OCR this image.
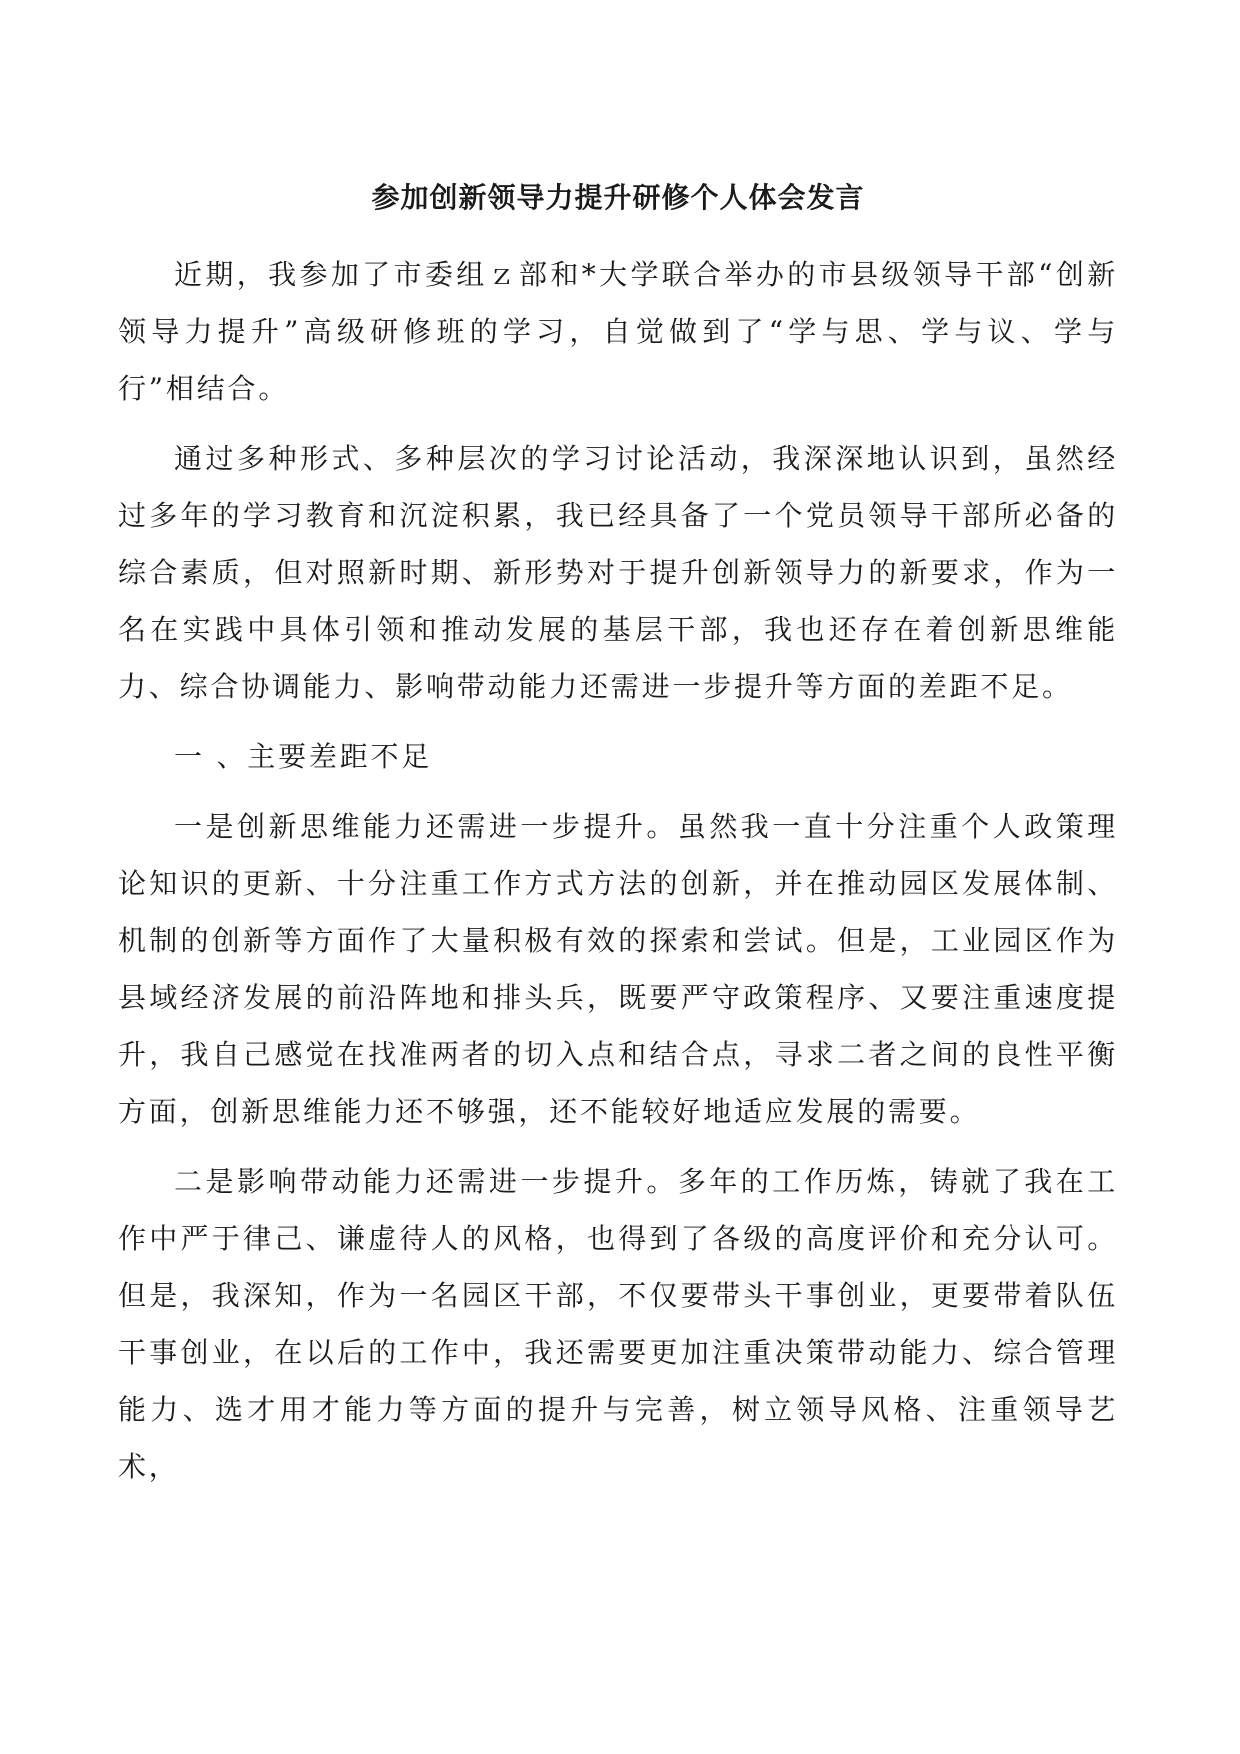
参加创新领导力提升研修个人体会发言

近期，我参加了市委组ｚ部和*大学联合举办的市县级领导干部“创新领导力提升”高级研修班的学习，自觉做到了“学与思、学与议、学与行”相结合。

通过多种形式、多种层次的学习讨论活动，我深深地认识到，虽然经过多年的学习教育和沉淀积累，我已经具备了一个党员领导干部所必备的综合素质，但对照新时期、新形势对于提升创新领导力的新要求，作为一名在实践中具体引领和推动发展的基层干部，我也还存在着创新思维能力、综合协调能力、影响带动能力还需进一步提升等方面的差距不足。

一 、主要差距不足

一是创新思维能力还需进一步提升。虽然我一直十分注重个人政策理论知识的更新、十分注重工作方式方法的创新，并在推动园区发展体制、机制的创新等方面作了大量积极有效的探索和尝试。但是，工业园区作为县域经济发展的前沿阵地和排头兵，既要严守政策程序、又要注重速度提升，我自己感觉在找准两者的切入点和结合点，寻求二者之间的良性平衡方面，创新思维能力还不够强，还不能较好地适应发展的需要。

二是影响带动能力还需进一步提升。多年的工作历炼，铸就了我在工作中严于律己、谦虚待人的风格，也得到了各级的高度评价和充分认可。但是，我深知，作为一名园区干部，不仅要带头干事创业，更要带着队伍干事创业，在以后的工作中，我还需要更加注重决策带动能力、综合管理能力、选才用才能力等方面的提升与完善，树立领导风格、注重领导艺术，
